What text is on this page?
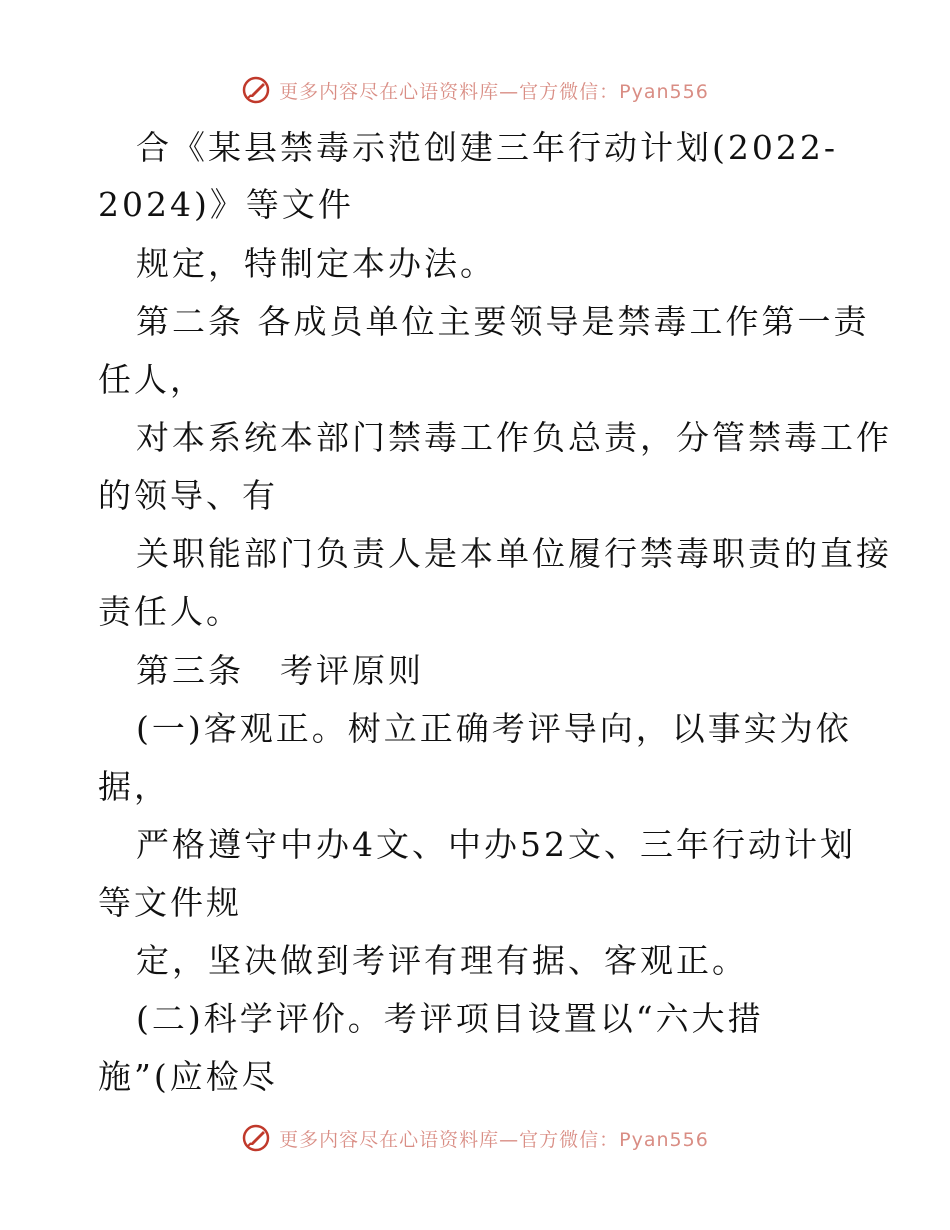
更多内容尽在心语资料库—官方微信：Pyan556
合《某县禁毒示范创建三年行动计划(2022-
2024)》等文件
规定，特制定本办法。
第二条 各成员单位主要领导是禁毒工作第一责
任人，
对本系统本部门禁毒工作负总责，分管禁毒工作
的领导、有
关职能部门负责人是本单位履行禁毒职责的直接
责任人。
第三条　考评原则
(一)客观正。树立正确考评导向，以事实为依
据，
严格遵守中办4文、中办52文、三年行动计划
等文件规
定，坚决做到考评有理有据、客观正。
(二)科学评价。考评项目设置以“六大措
施”(应检尽
更多内容尽在心语资料库—官方微信：Pyan556
